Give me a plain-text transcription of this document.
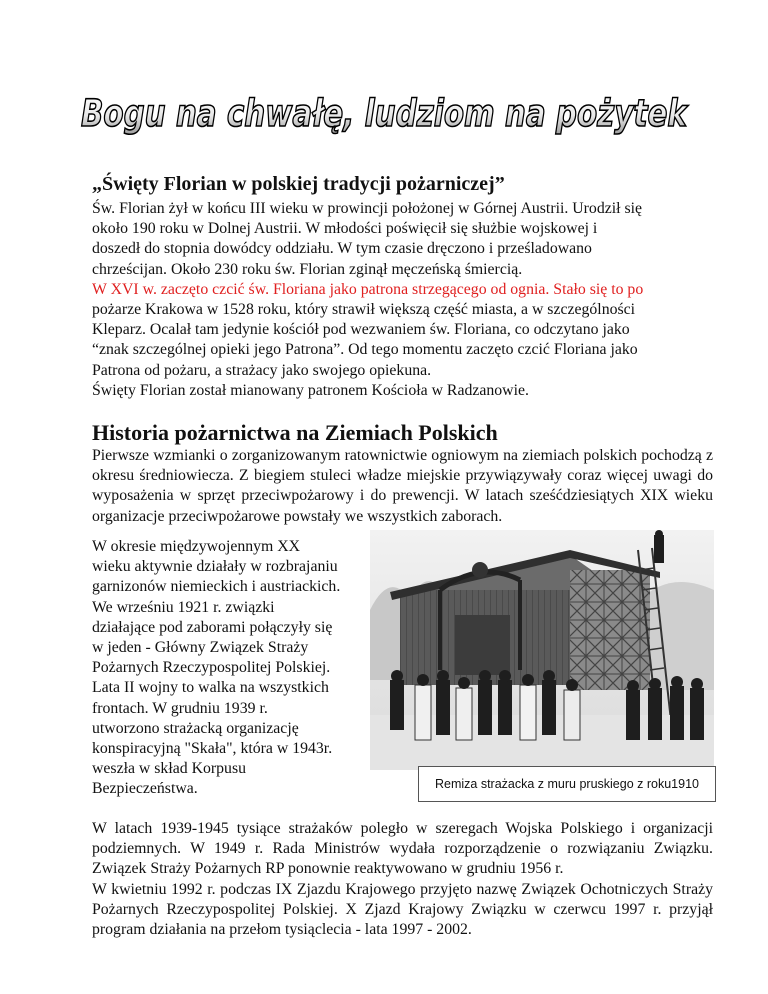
Bogu na chwałę, ludziom na pożytek
„Święty Florian w polskiej tradycji pożarniczej”
Św. Florian żył w końcu III wieku w prowincji położonej w Górnej Austrii. Urodził się
około 190 roku w Dolnej Austrii. W młodości poświęcił się służbie wojskowej i
doszedł do stopnia dowódcy oddziału. W tym czasie dręczono i prześladowano
chrześcijan. Około 230 roku św. Florian zginął męczeńską śmiercią.
W XVI w. zaczęto czcić św. Floriana jako patrona strzegącego od ognia. Stało się to po
pożarze Krakowa w 1528 roku, który strawił większą część miasta, a w szczególności
Kleparz. Ocalał tam jedynie kościół pod wezwaniem św. Floriana, co odczytano jako
“znak szczególnej opieki jego Patrona”. Od tego momentu zaczęto czcić Floriana jako
Patrona od pożaru, a strażacy jako swojego opiekuna.
Święty Florian został mianowany patronem Kościoła w Radzanowie.
Historia pożarnictwa na Ziemiach Polskich

Pierwsze wzmianki o zorganizowanym ratownictwie ogniowym na ziemiach polskich pochodzą z okresu średniowiecza. Z biegiem stuleci władze miejskie przywiązywały coraz więcej uwagi do wyposażenia w sprzęt przeciwpożarowy i do prewencji. W latach sześćdziesiątych XIX wieku organizacje przeciwpożarowe powstały we wszystkich zaborach.

W okresie międzywojennym XX
wieku aktywnie działały w rozbrajaniu
garnizonów niemieckich i austriackich.
We wrześniu 1921 r. związki
działające pod zaborami połączyły się
w jeden - Główny Związek Straży
Pożarnych Rzeczypospolitej Polskiej.
Lata II wojny to walka na wszystkich
frontach. W grudniu 1939 r.
utworzono strażacką organizację
konspiracyjną "Skała", która w 1943r.
weszła w skład Korpusu
Bezpieczeństwa.	Remiza strażacka z muru pruskiego z roku1910
W latach 1939-1945 tysiące strażaków poległo w szeregach Wojska Polskiego i organizacji podziemnych. W 1949 r. Rada Ministrów wydała rozporządzenie o rozwiązaniu Związku. Związek Straży Pożarnych RP ponownie reaktywowano w grudniu 1956 r.
W kwietniu 1992 r. podczas IX Zjazdu Krajowego przyjęto nazwę Związek Ochotniczych Straży Pożarnych Rzeczypospolitej Polskiej. X Zjazd Krajowy Związku w czerwcu 1997 r. przyjął program działania na przełom tysiąclecia - lata 1997 - 2002.
